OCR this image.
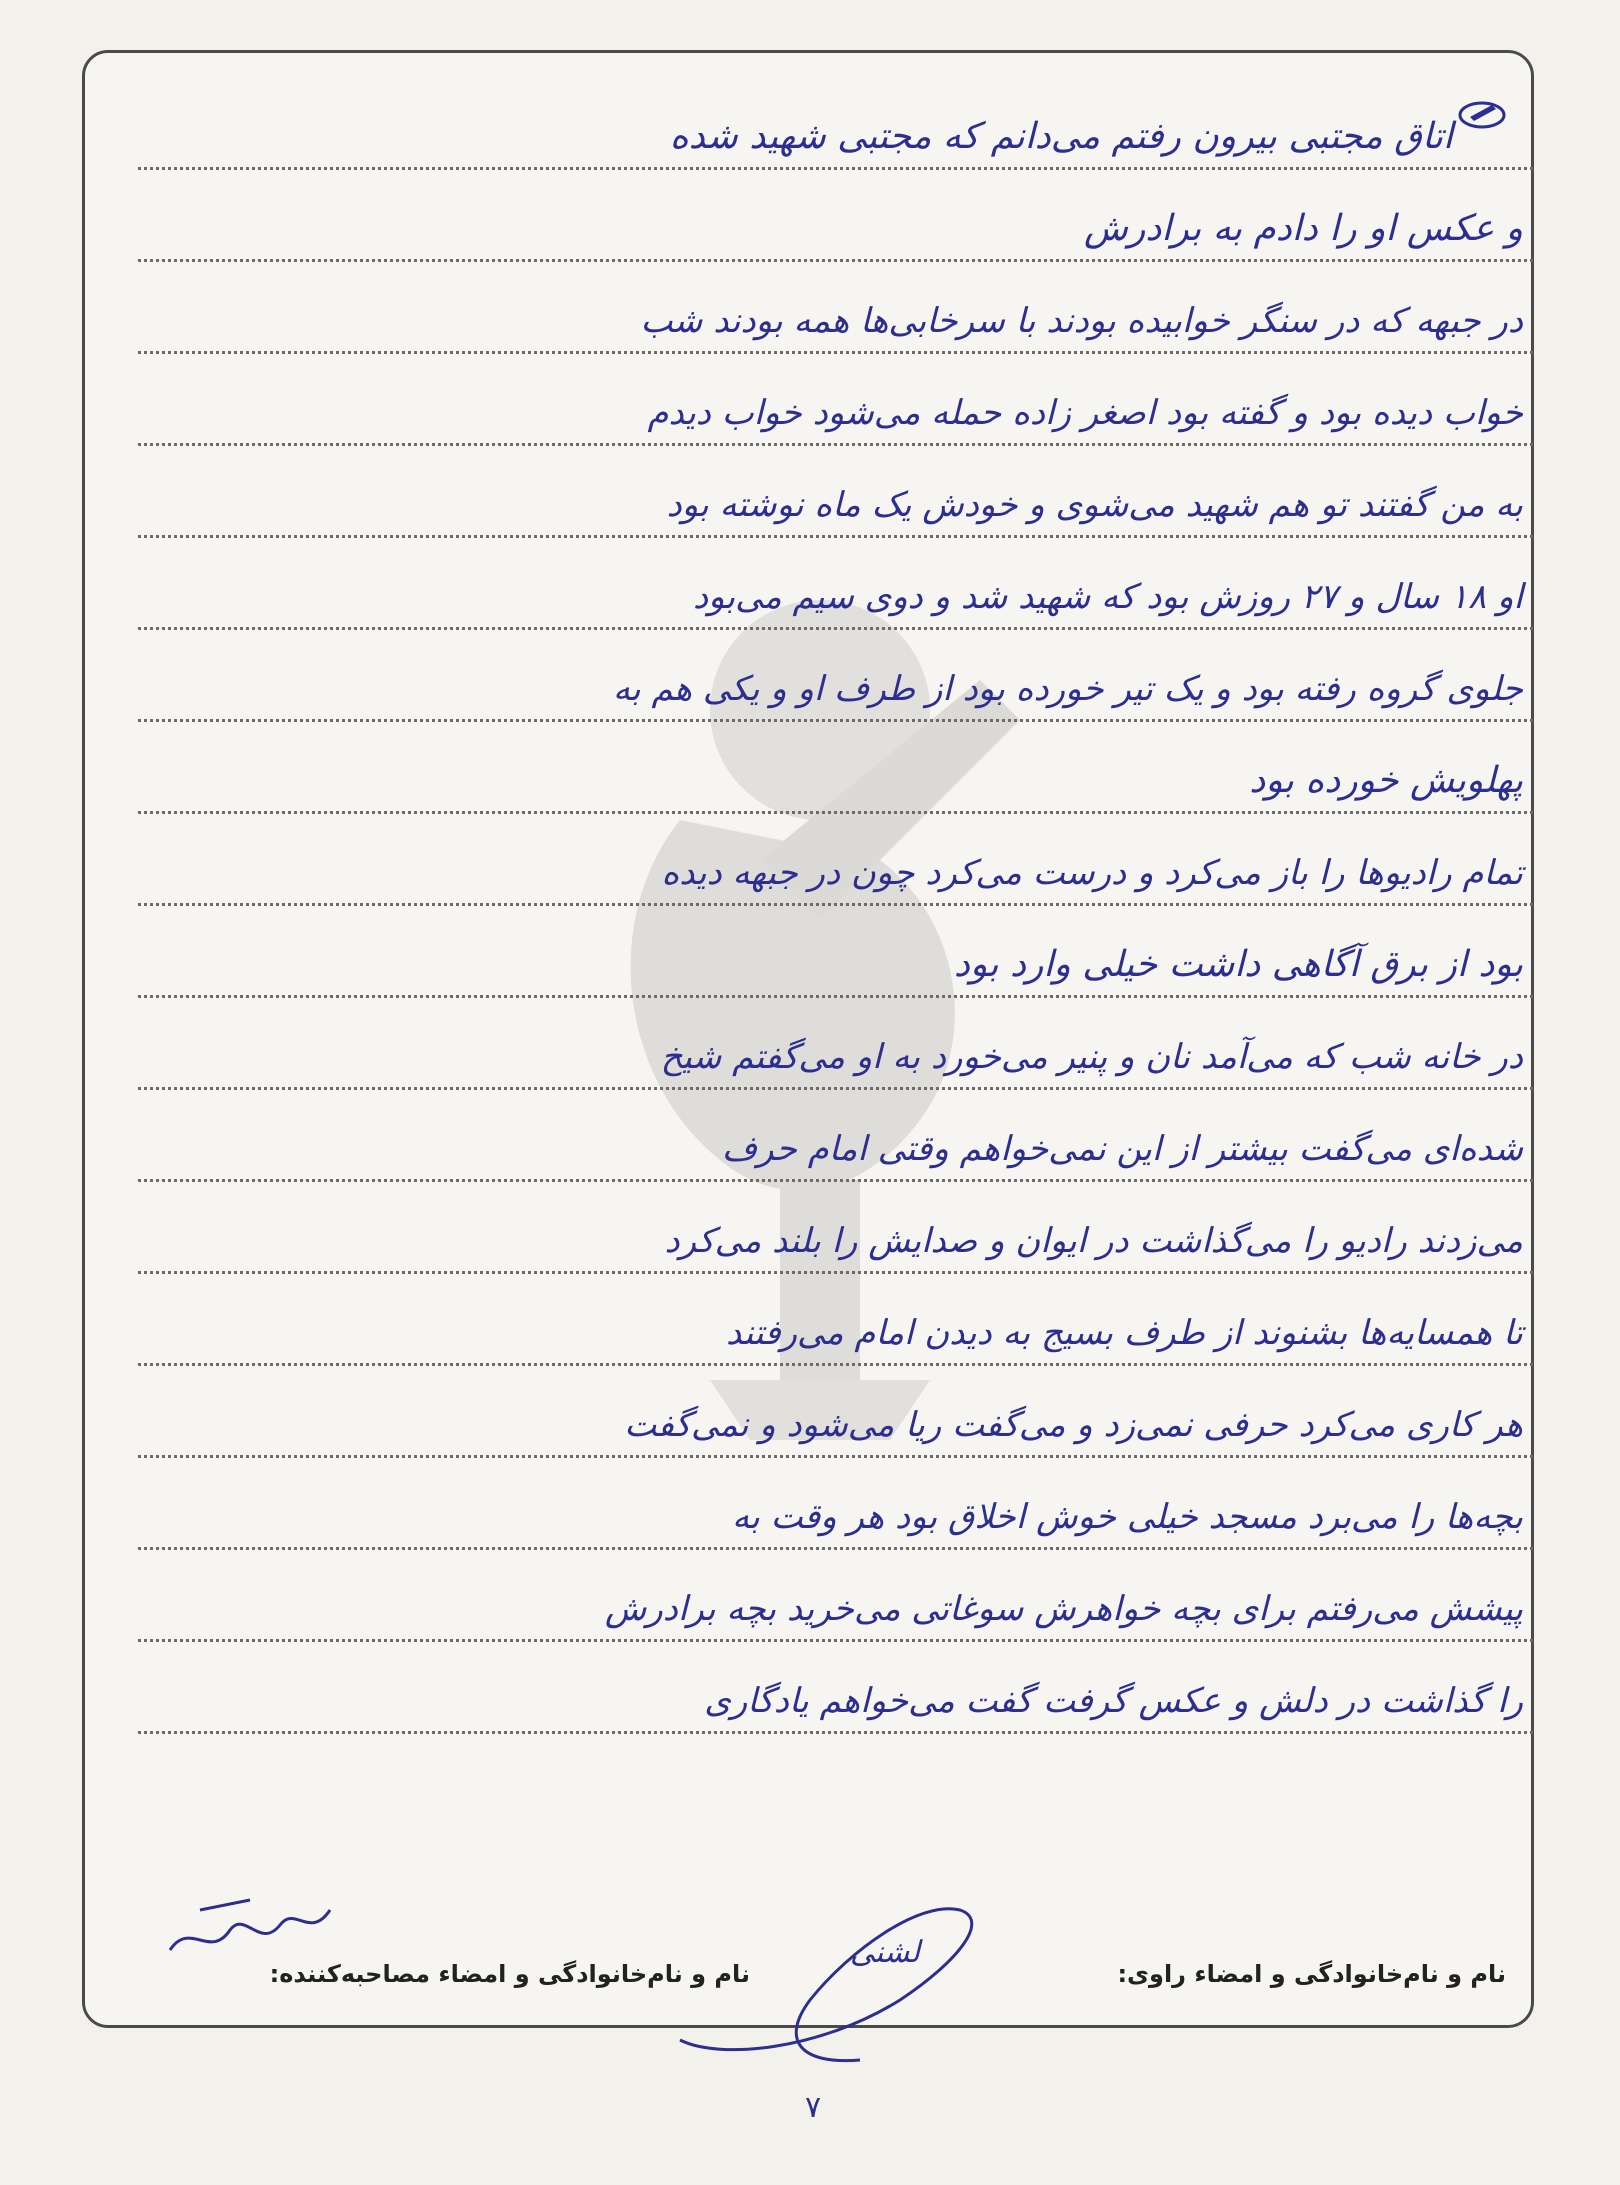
اتاق مجتبی بیرون رفتم می‌دانم که مجتبی شهید شده
و عکس او را دادم به برادرش
در جبهه که در سنگر خوابیده بودند با سرخابی‌ها همه بودند شب
خواب دیده بود و گفته بود اصغر زاده حمله می‌شود خواب دیدم
به من گفتند تو هم شهید می‌شوی و خودش یک ماه نوشته بود
او ۱۸ سال و ۲۷ روزش بود که شهید شد و دوی سیم می‌بود
جلوی گروه رفته بود و یک تیر خورده بود از طرف او و یکی هم به
پهلویش خورده بود
تمام رادیوها را باز می‌کرد و درست می‌کرد چون در جبهه دیده
بود از برق آگاهی داشت خیلی وارد بود
در خانه شب که می‌آمد نان و پنیر می‌خورد به او می‌گفتم شیخ
شده‌ای می‌گفت بیشتر از این نمی‌خواهم وقتی امام حرف
می‌زدند رادیو را می‌گذاشت در ایوان و صدایش را بلند می‌کرد
تا همسایه‌ها بشنوند از طرف بسیج به دیدن امام می‌رفتند
هر کاری می‌کرد حرفی نمی‌زد و می‌گفت ریا می‌شود و نمی‌گفت
بچه‌ها را می‌برد مسجد خیلی خوش اخلاق بود هر وقت به
پیشش می‌رفتم برای بچه خواهرش سوغاتی می‌خرید بچه برادرش
را گذاشت در دلش و عکس گرفت گفت می‌خواهم یادگاری
نام و نام‌خانوادگی و امضاء راوی:
نام و نام‌خانوادگی و امضاء مصاحبه‌کننده:
لشنی
۷
